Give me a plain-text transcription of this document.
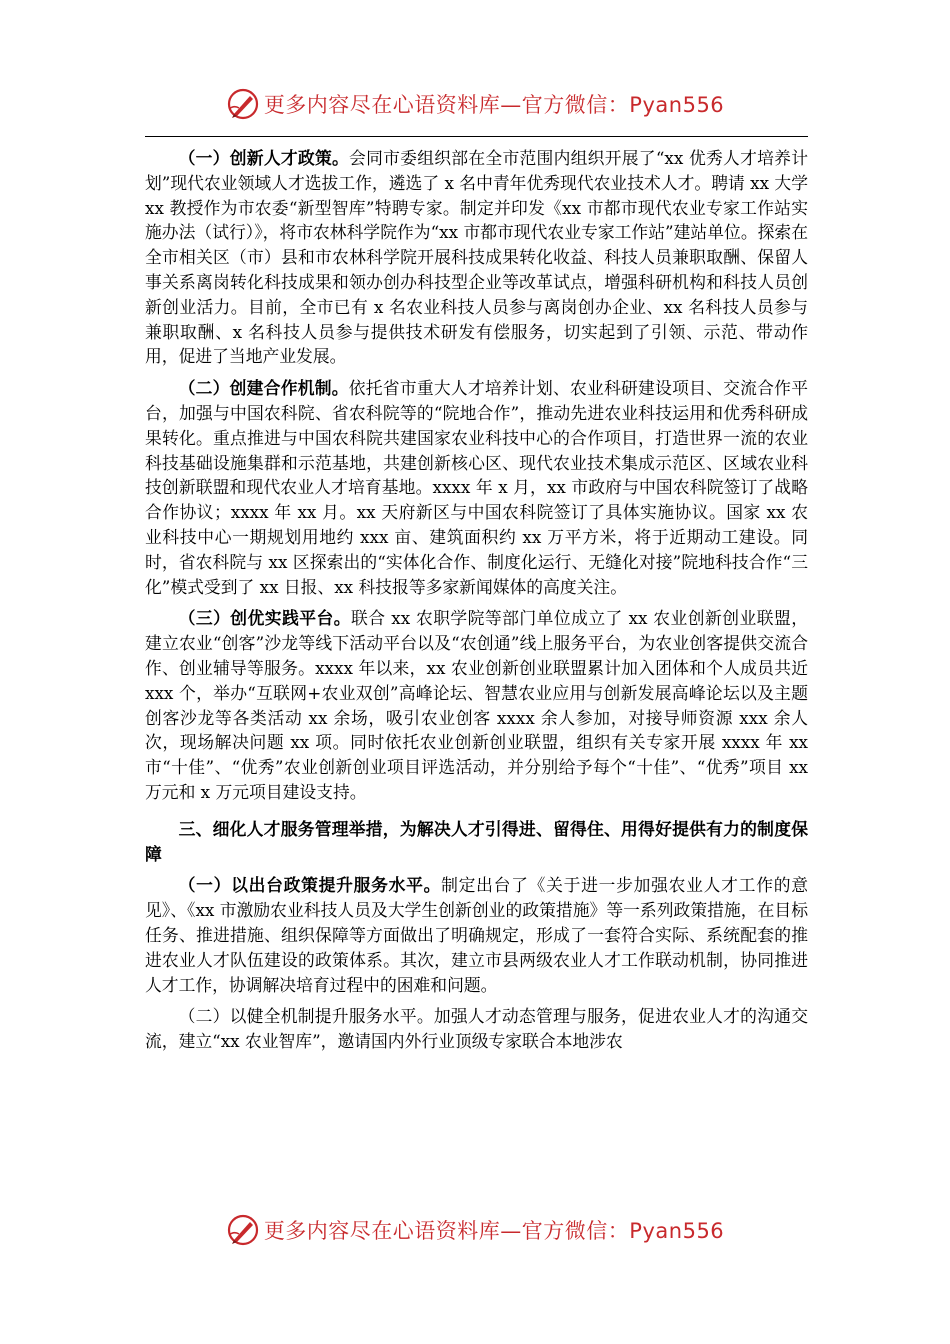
更多内容尽在心语资料库—官方微信：Pyan556

（一）创新人才政策。会同市委组织部在全市范围内组织开展了“xx 优秀人才培养计划”现代农业领域人才选拔工作，遴选了 x 名中青年优秀现代农业技术人才。聘请 xx 大学 xx 教授作为市农委“新型智库”特聘专家。制定并印发《xx 市都市现代农业专家工作站实施办法（试行）》，将市农林科学院作为“xx 市都市现代农业专家工作站”建站单位。探索在全市相关区（市）县和市农林科学院开展科技成果转化收益、科技人员兼职取酬、保留人事关系离岗转化科技成果和领办创办科技型企业等改革试点，增强科研机构和科技人员创新创业活力。目前，全市已有 x 名农业科技人员参与离岗创办企业、xx 名科技人员参与兼职取酬、x 名科技人员参与提供技术研发有偿服务，切实起到了引领、示范、带动作用，促进了当地产业发展。

（二）创建合作机制。依托省市重大人才培养计划、农业科研建设项目、交流合作平台，加强与中国农科院、省农科院等的“院地合作”，推动先进农业科技运用和优秀科研成果转化。重点推进与中国农科院共建国家农业科技中心的合作项目，打造世界一流的农业科技基础设施集群和示范基地，共建创新核心区、现代农业技术集成示范区、区域农业科技创新联盟和现代农业人才培育基地。xxxx 年 x 月，xx 市政府与中国农科院签订了战略合作协议；xxxx 年 xx 月。xx 天府新区与中国农科院签订了具体实施协议。国家 xx 农业科技中心一期规划用地约 xxx 亩、建筑面积约 xx 万平方米，将于近期动工建设。同时，省农科院与 xx 区探索出的“实体化合作、制度化运行、无缝化对接”院地科技合作“三化”模式受到了 xx 日报、xx 科技报等多家新闻媒体的高度关注。

（三）创优实践平台。联合 xx 农职学院等部门单位成立了 xx 农业创新创业联盟，建立农业“创客”沙龙等线下活动平台以及“农创通”线上服务平台，为农业创客提供交流合作、创业辅导等服务。xxxx 年以来，xx 农业创新创业联盟累计加入团体和个人成员共近 xxx 个，举办“互联网+农业双创”高峰论坛、智慧农业应用与创新发展高峰论坛以及主题创客沙龙等各类活动 xx 余场，吸引农业创客 xxxx 余人参加，对接导师资源 xxx 余人次，现场解决问题 xx 项。同时依托农业创新创业联盟，组织有关专家开展 xxxx 年 xx 市“十佳”、“优秀”农业创新创业项目评选活动，并分别给予每个“十佳”、“优秀”项目 xx 万元和 x 万元项目建设支持。

三、细化人才服务管理举措，为解决人才引得进、留得住、用得好提供有力的制度保障

（一）以出台政策提升服务水平。制定出台了《关于进一步加强农业人才工作的意见》、《xx 市激励农业科技人员及大学生创新创业的政策措施》等一系列政策措施，在目标任务、推进措施、组织保障等方面做出了明确规定，形成了一套符合实际、系统配套的推进农业人才队伍建设的政策体系。其次，建立市县两级农业人才工作联动机制，协同推进人才工作，协调解决培育过程中的困难和问题。

（二）以健全机制提升服务水平。加强人才动态管理与服务，促进农业人才的沟通交流，建立“xx 农业智库”，邀请国内外行业顶级专家联合本地涉农

更多内容尽在心语资料库—官方微信：Pyan556
